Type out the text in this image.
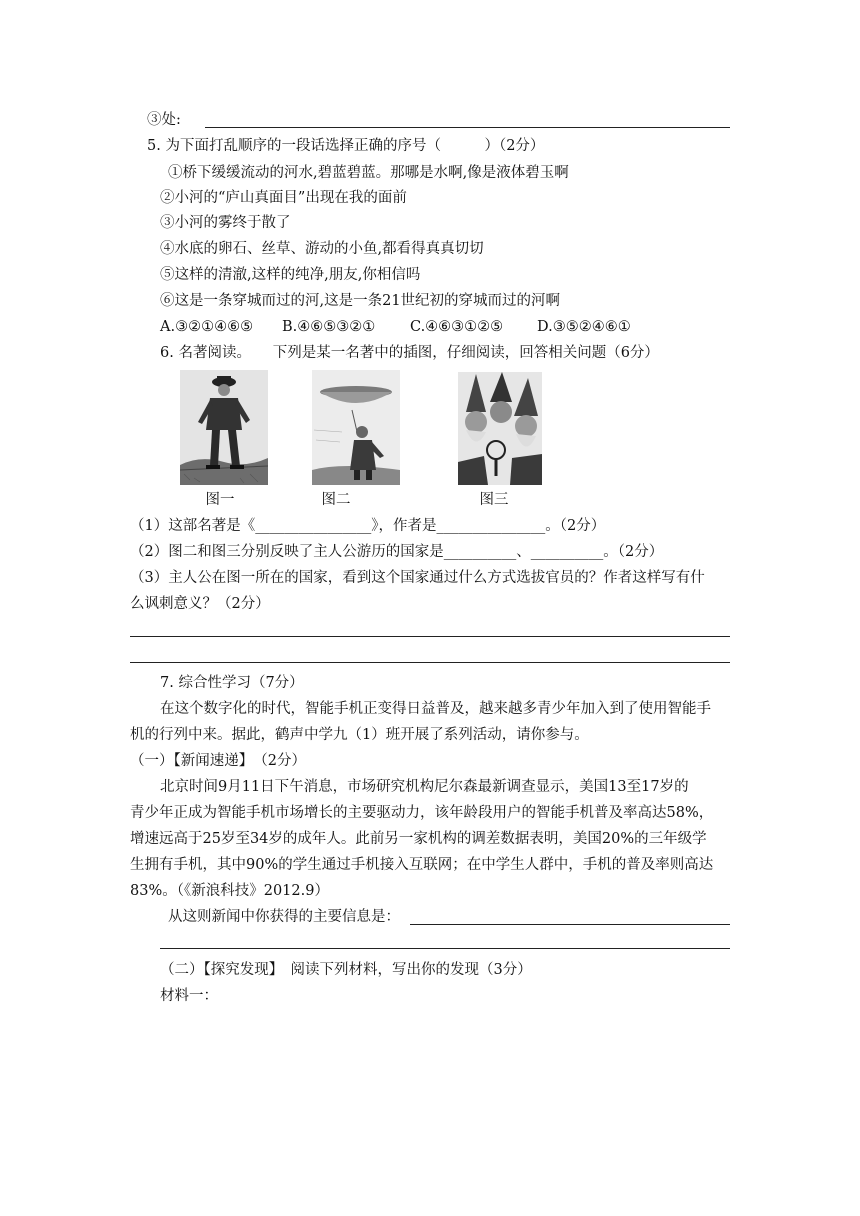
③处:
5. 为下面打乱顺序的一段话选择正确的序号（　　　）（2分）
①桥下缓缓流动的河水,碧蓝碧蓝。那哪是水啊,像是液体碧玉啊
②小河的“庐山真面目”出现在我的面前
③小河的雾终于散了
④水底的卵石、丝草、游动的小鱼,都看得真真切切
⑤这样的清澈,这样的纯净,朋友,你相信吗
⑥这是一条穿城而过的河,这是一条21世纪初的穿城而过的河啊
A.③②①④⑥⑤ B.④⑥⑤③②① C.④⑥③①②⑤ D.③⑤②④⑥①
6. 名著阅读。　　下列是某一名著中的插图，仔细阅读，回答相关问题（6分）
图一	图二	图三
（1）这部名著是《________________》，作者是_______________。（2分）
（2）图二和图三分别反映了主人公游历的国家是__________、__________。（2分）
（3）主人公在图一所在的国家，看到这个国家通过什么方式选拔官员的？作者这样写有什
么讽刺意义？（2分）
7. 综合性学习（7分）
在这个数字化的时代，智能手机正变得日益普及，越来越多青少年加入到了使用智能手
机的行列中来。据此，鹤声中学九（1）班开展了系列活动，请你参与。
（一）【新闻速递】　（2分）
北京时间9月11日下午消息，市场研究机构尼尔森最新调查显示，美国13至17岁的
青少年正成为智能手机市场增长的主要驱动力，该年龄段用户的智能手机普及率高达58%，
增速远高于25岁至34岁的成年人。此前另一家机构的调差数据表明，美国20%的三年级学
生拥有手机，其中90%的学生通过手机接入互联网；在中学生人群中，手机的普及率则高达
83%。（《新浪科技》2012.9）
从这则新闻中你获得的主要信息是：
（二）【探究发现】　阅读下列材料，写出你的发现（3分）
材料一：
